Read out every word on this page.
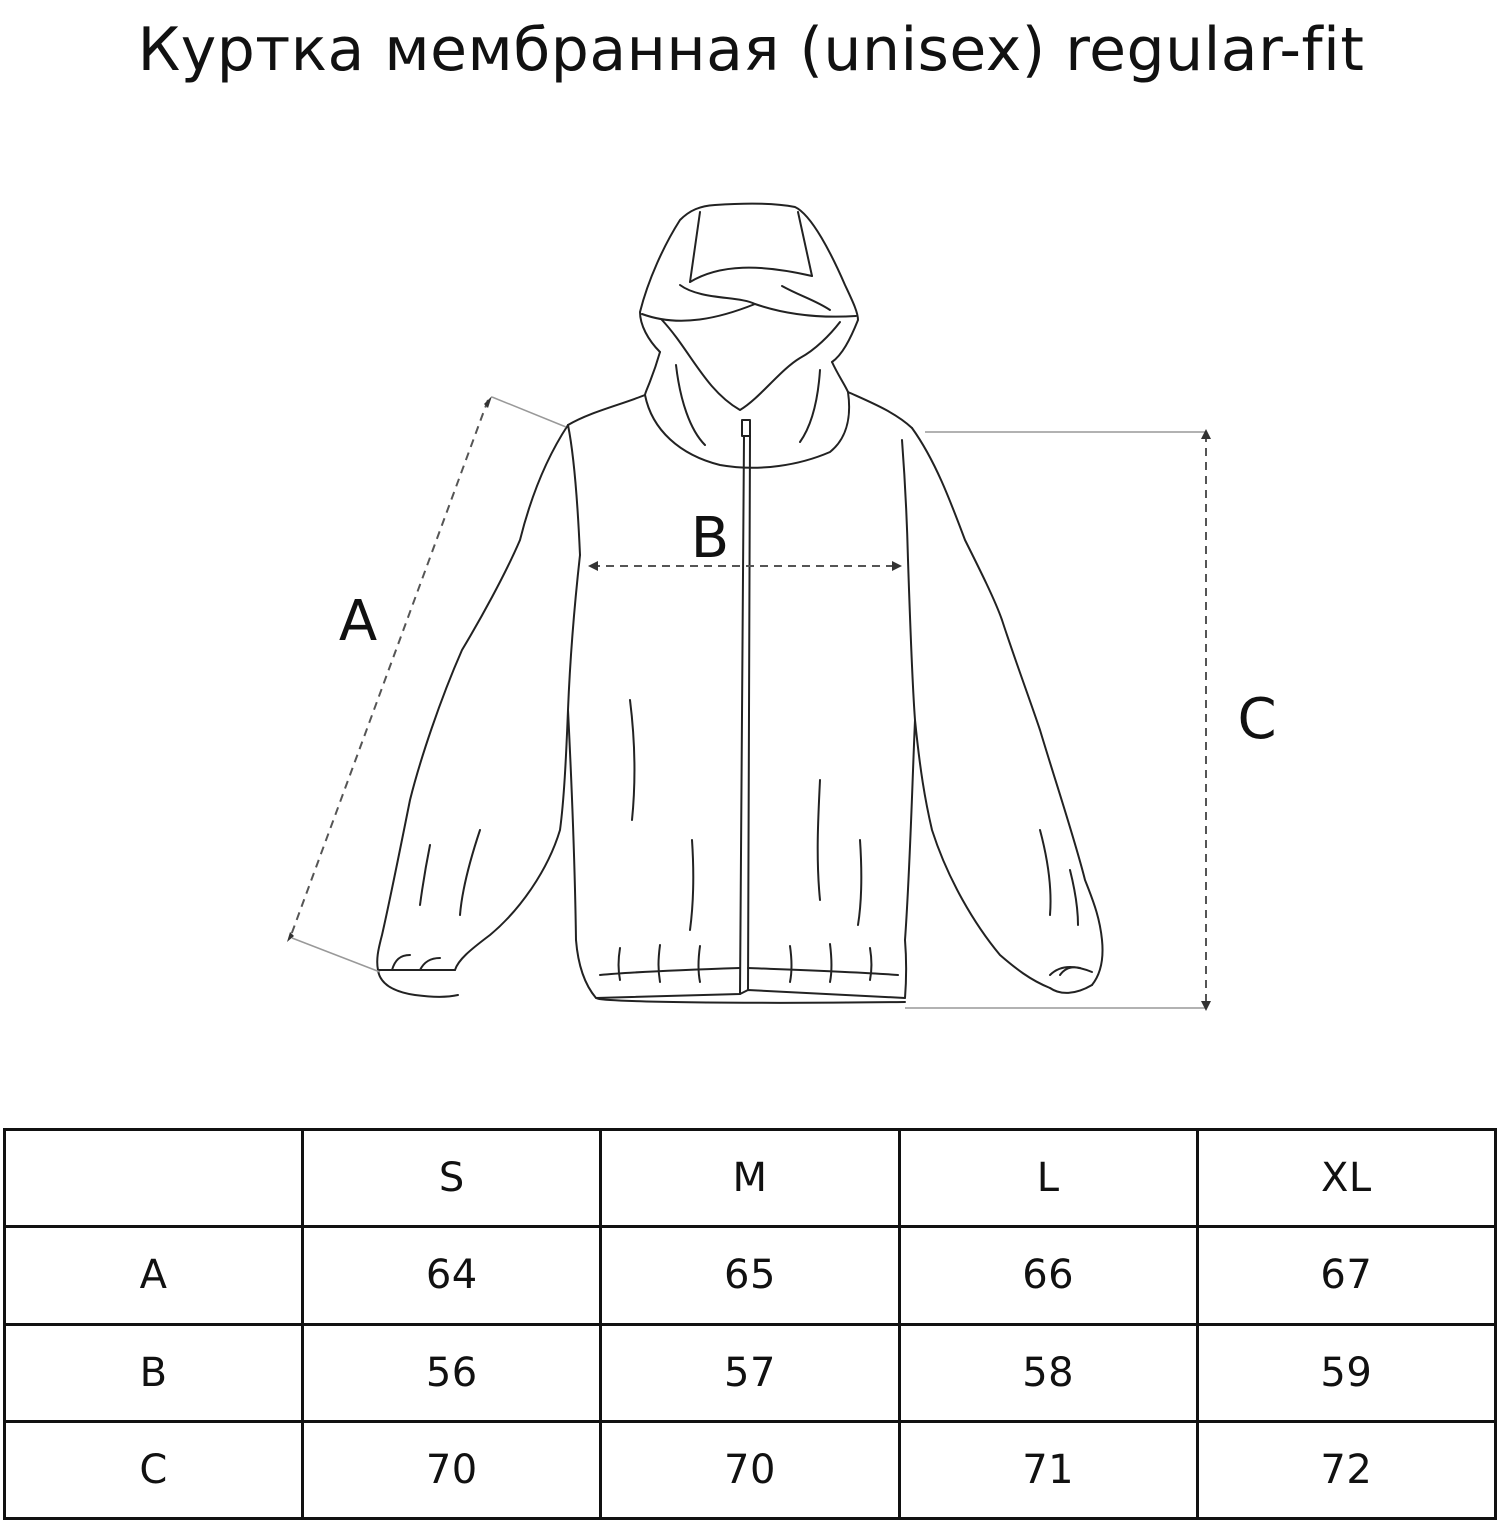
Куртка мембранная (unisex) regular-fit
A
B
C
	S	M	L	XL
A	64	65	66	67
B	56	57	58	59
C	70	70	71	72
